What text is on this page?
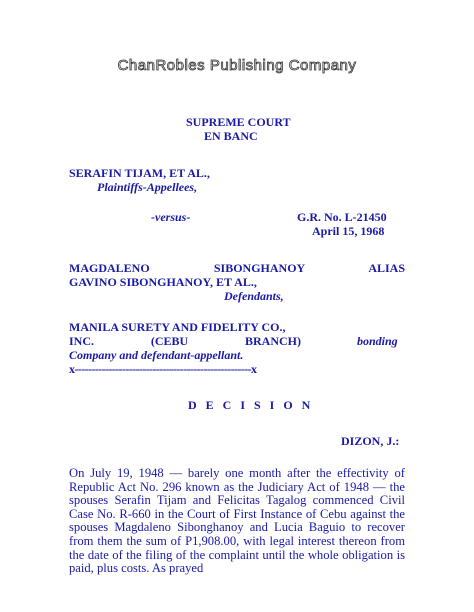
ChanRobles Publishing Company
SUPREME COURT
EN BANC
SERAFIN TIJAM, ET AL.,
Plaintiffs-Appellees,
-versus-	G.R. No. L-21450
April 15, 1968
MAGDALENO SIBONGHANOY ALIAS
GAVINO SIBONGHANOY, ET AL.,
Defendants,
MANILA SURETY AND FIDELITY CO.,
INC. (CEBU BRANCH)	bonding
Company and defendant-appellant.
x----------------------------------------------------x
D E C I S I O N
DIZON, J.:
On July 19, 1948 — barely one month after the effectivity of Republic Act No. 296 known as the Judiciary Act of 1948 — the spouses Serafin Tijam and Felicitas Tagalog commenced Civil Case No. R-660 in the Court of First Instance of Cebu against the spouses Magdaleno Sibonghanoy and Lucia Baguio to recover from them the sum of P1,908.00, with legal interest thereon from the date of the filing of the complaint until the whole obligation is paid, plus costs. As prayed
